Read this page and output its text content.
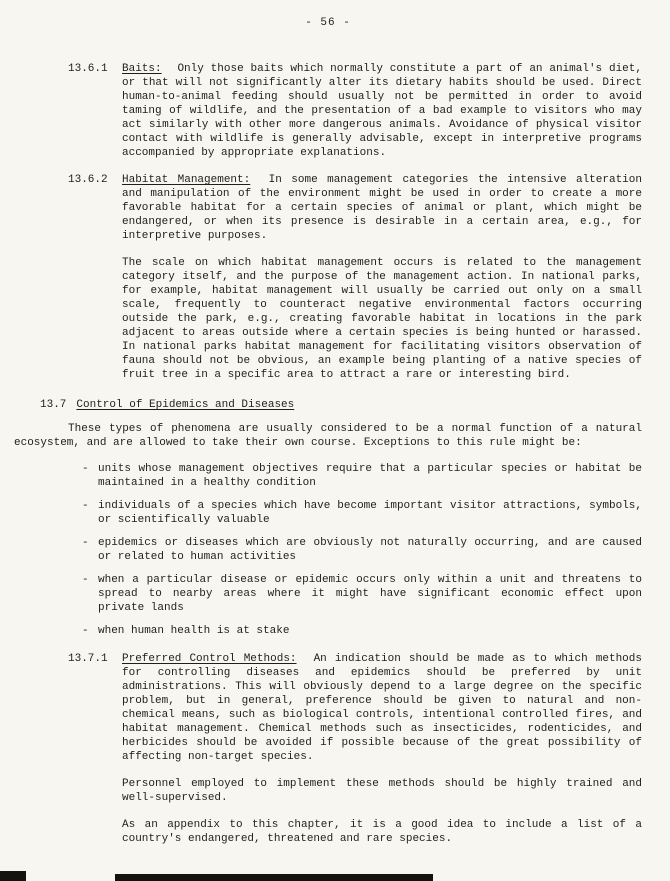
- 56 -
13.6.1	Baits: Only those baits which normally constitute a part of an animal's diet, or that will not significantly alter its dietary habits should be used. Direct human-to-animal feeding should usually not be permitted in order to avoid taming of wildlife, and the presentation of a bad example to visitors who may act similarly with other more dangerous animals. Avoidance of physical visitor contact with wildlife is generally advisable, except in interpretive programs accompanied by appropriate explanations.

13.6.2	Habitat Management: In some management categories the intensive alteration and manipulation of the environment might be used in order to create a more favorable habitat for a certain species of animal or plant, which might be endangered, or when its presence is desirable in a certain area, e.g., for interpretive purposes.

The scale on which habitat management occurs is related to the management category itself, and the purpose of the management action. In national parks, for example, habitat management will usually be carried out only on a small scale, frequently to counteract negative environmental factors occurring outside the park, e.g., creating favorable habitat in locations in the park adjacent to areas outside where a certain species is being hunted or harassed. In national parks habitat management for facilitating visitors observation of fauna should not be obvious, an example being planting of a native species of fruit tree in a specific area to attract a rare or interesting bird.

13.7 Control of Epidemics and Diseases

These types of phenomena are usually considered to be a normal function of a natural ecosystem, and are allowed to take their own course. Exceptions to this rule might be:

- units whose management objectives require that a particular species or habitat be maintained in a healthy condition
- individuals of a species which have become important visitor attractions, symbols, or scientifically valuable
- epidemics or diseases which are obviously not naturally occurring, and are caused or related to human activities
- when a particular disease or epidemic occurs only within a unit and threatens to spread to nearby areas where it might have significant economic effect upon private lands
- when human health is at stake
13.7.1	Preferred Control Methods: An indication should be made as to which methods for controlling diseases and epidemics should be preferred by unit administrations. This will obviously depend to a large degree on the specific problem, but in general, preference should be given to natural and non-chemical means, such as biological controls, intentional controlled fires, and habitat management. Chemical methods such as insecticides, rodenticides, and herbicides should be avoided if possible because of the great possibility of affecting non-target species.

Personnel employed to implement these methods should be highly trained and well-supervised.

As an appendix to this chapter, it is a good idea to include a list of a country's endangered, threatened and rare species.
